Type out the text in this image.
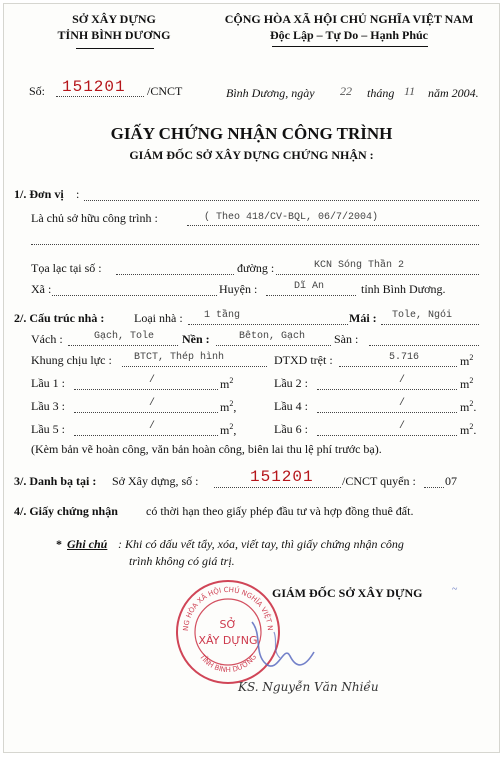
SỞ XÂY DỰNG
TỈNH BÌNH DƯƠNG
CỘNG HÒA XÃ HỘI CHỦ NGHĨA VIỆT NAM
Độc Lập – Tự Do – Hạnh Phúc
Số: 151201 /CNCT	Bình Dương, ngày 22 tháng 11 năm 2004.
GIẤY CHỨNG NHẬN CÔNG TRÌNH
GIÁM ĐỐC SỞ XÂY DỰNG CHỨNG NHẬN :
1/. Đơn vị :
Là chủ sở hữu công trình :	( Theo 418/CV-BQL, 06/7/2004)
Tọa lạc tại số :	đường :	KCN Sóng Thần 2
Xã :	Huyện :	Dĩ An	tỉnh Bình Dương.
2/. Cấu trúc nhà : Loại nhà : 1 tầng	Mái : Tole, Ngói
Vách :	Gạch, Tole Nền :	Bêton, Gạch Sàn :
Khung chịu lực : BTCT, Thép hình	DTXD trệt :	5.716	$m^2$
Lầu 1 :	/	$m^2$	Lầu 2 :	/	$m^2$
Lầu 3 :	/	$m^2$,	Lầu 4 :	/	$m^2$.
Lầu 5 :	/	$m^2$,	Lầu 6 :	/	$m^2$.
(Kèm bản vẽ hoàn công, văn bản hoàn công, biên lai thu lệ phí trước bạ).
3/. Danh bạ tại : Sở Xây dựng, số :	151201 /CNCT quyển : 07
4/. Giấy chứng nhận có thời hạn theo giấy phép đầu tư và hợp đồng thuê đất.
* Ghi chú : Khi có dấu vết tẩy, xóa, viết tay, thì giấy chứng nhận công
trình không có giá trị.
GIÁM ĐỐC SỞ XÂY DỰNG	~
NG HÒA XÃ HỘI CHỦ NGHĨA VIỆT N
TỈNH BÌNH DƯƠNG
SỞ
XÂY DỰNG
KS. Nguyễn Văn Nhiều
